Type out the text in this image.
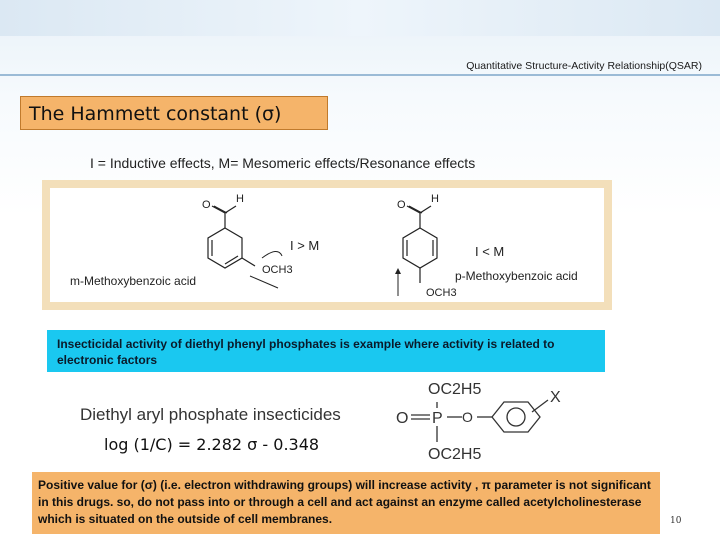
Quantitative Structure-Activity Relationship(QSAR)
The Hammett constant (σ)
I = Inductive effects, M= Mesomeric effects/Resonance effects
O H
OCH3
I > M
m-Methoxybenzoic acid
O H
OCH3
I < M
p-Methoxybenzoic acid
Insecticidal activity of diethyl phenyl phosphates is example where activity is related to electronic factors
OC2H5
OC2H5
O P O
X
Diethyl aryl phosphate insecticides
log (1/C) = 2.282 σ - 0.348
Positive value for (σ) (i.e. electron withdrawing groups) will increase activity , π parameter is not significant in this drugs. so, do not pass into or through a cell and act against an enzyme called acetylcholinesterase which is situated on the outside of cell membranes.	10
